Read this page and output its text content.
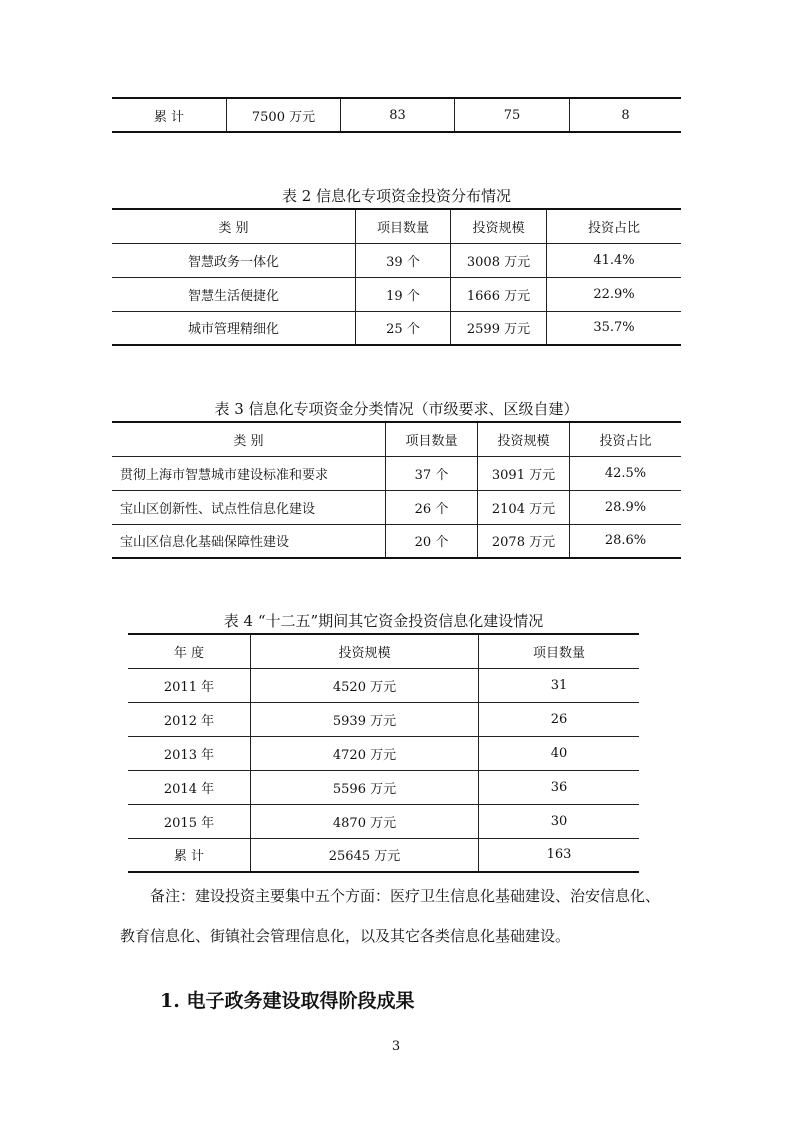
累 计	7500 万元	83	75	8
表 2 信息化专项资金投资分布情况
类 别	项目数量	投资规模	投资占比
智慧政务一体化	39 个	3008 万元	41.4%
智慧生活便捷化	19 个	1666 万元	22.9%
城市管理精细化	25 个	2599 万元	35.7%
表 3 信息化专项资金分类情况（市级要求、区级自建）
类 别	项目数量	投资规模	投资占比
贯彻上海市智慧城市建设标准和要求	37 个	3091 万元	42.5%
宝山区创新性、试点性信息化建设	26 个	2104 万元	28.9%
宝山区信息化基础保障性建设	20 个	2078 万元	28.6%
表 4 “十二五”期间其它资金投资信息化建设情况
年 度	投资规模	项目数量
2011 年	4520 万元	31
2012 年	5939 万元	26
2013 年	4720 万元	40
2014 年	5596 万元	36
2015 年	4870 万元	30
累 计	25645 万元	163
备注：建设投资主要集中五个方面：医疗卫生信息化基础建设、治安信息化、
教育信息化、街镇社会管理信息化，以及其它各类信息化基础建设。
1. 电子政务建设取得阶段成果
3
